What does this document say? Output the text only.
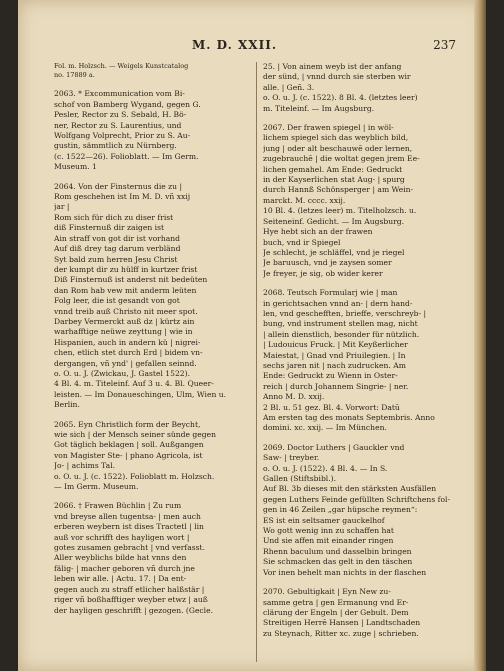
M. D. XXII.	237
Fol. m. Holzsch. — Weigels Kunstcatalog
no. 17889 a.
2063. * Excommunication vom Bi-
schof von Bamberg Wygand, gegen G.
Pesler, Rector zu S. Sebald, H. Bö-
ner, Rector zu S. Laurentius, und
Wolfgang Volprecht, Prior zu S. Au-
gustin, sämmtlich zu Nürnberg.
(c. 1522—26). Folioblatt. — Im Germ.
Museum. 1
2064. Von der Finsternus die zu |
Rom geschehen ist Im M. D. vñ xxij
jar |
Rom sich für dich zu diser frist
diß Finsternuß dir zaigen ist
Ain straff von got dir ist vorhand
Auf diß drey tag darum verbländ
Syt bald zum herren Jesu Christ
der kumpt dir zu hülff in kurtzer frist
Diß Finsternuß ist anderst nit bedeüten
dan Rom hab vew mit anderm leüten
Folg leer, die ist gesandt von got
vnnd treib auß Christo nit meer spot.
Darbey Vermerckt auß dz | kürtz ain
warhafftige neüwe zeyttung | wie in
Hispanien, auch in andern kü | nigrei-
chen, etlich stet durch Erd | bidem vn-
dergangen, vñ ynd' | gefallen seinnd.
o. O. u. J. (Zwickau, J. Gastel 1522).
4 Bl. 4. m. Titeleinf. Auf 3 u. 4. Bl. Queer-
leisten. — Im Donaueschingen, Ulm, Wien u.
Berlin.
2065. Eyn Christlich form der Beycht,
wie sich | der Mensch seiner sünde gegen
Got täglich beklagen | soll. Außgangen
von Magister Ste- | phano Agricola, ist
Jo- | achims Tal.
o. O. u. J. (c. 1522). Folioblatt m. Holzsch.
— Im Germ. Museum.
2066. † Frawen Büchlin | Zu rum
vnd breyse allen tugentsa- | men auch
erberen weybern ist dises Tractetl | lin
auß vor schrifft des hayligen wort |
gotes zusamen gebracht | vnd verfasst.
Aller weyblichs bilde hat vnns den
fälig- | macher geboren vñ durch jne
leben wir alle. | Actu. 17. | Da ent-
gegen auch zu straff etlicher halßstär |
riger vñ boßhafftiger weyber etwz | auß
der hayligen geschrifft | gezogen. (Gecle.
25. | Von ainem weyb ist der anfang
der sünd, | vnnd durch sie sterben wir
alle. | Geñ. 3.
o. O. u. J. (c. 1522). 8 Bl. 4. (letztes leer)
m. Titeleinf. — Im Augsburg.
2067. Der frawen spiegel | in wöl-
lichem spiegel sich das weyblich bild,
jung | oder alt beschauwē oder lernen,
zugebrauchē | die woltat gegen jrem Ee-
lichen gemahel. Am Ende: Gedruckt
in der Kayserlichen stat Aug- | spurg
durch Hannß Schönsperger | am Wein-
marckt. M. cccc. xxij.
10 Bl. 4. (letzes leer) m. Titelholzsch. u.
Seiteneinf. Gedicht. — Im Augsburg.
Hye hebt sich an der frawen
buch, vnd ir Spiegel
Je schlecht, je schläffel, vnd je riegel
Je baruusch, vnd je zaysen somer
Je freyer, je sig, ob wider kerer
2068. Teutsch Formularj wie | man
in gerichtsachen vnnd an- | dern hand-
len, vnd geschefften, brieffe, verschreyb- |
bung, vnd instrument stellen mag, nicht
| allein dienstlich, besonder für nützlich.
| Ludouicus Fruck. | Mit Keyßerlicher
Maiestat, | Gnad vnd Priuilegien. | In
sechs jaren nit | nach zudrucken. Am
Ende: Gedruckt zu Wienn in Oster-
reich | durch Johannem Singrie- | ner.
Anno M. D. xxij.
2 Bl. u. 51 gez. Bl. 4. Vorwort: Datū
Am ersten tag des monats Septembris. Anno
domini. xc. xxij. — Im München.
2069. Doctor Luthers | Gauckler vnd
Saw- | treyber.
o. O. u. J. (1522). 4 Bl. 4. — In S.
Gallen (Stiftsbibl.).
Auf Bl. 3b dieses mit den stärksten Ausfällen
gegen Luthers Feinde gefüllten Schriftchens fol-
gen in 46 Zeilen „gar hüpsche reymen“:
ES ist ein seltsamer gauckelhof
Wo gott wenig inn zu schaffen hat
Und sie affen mit einander ringen
Rhenn baculum und dasselbin bringen
Sie schmacken das gelt in den täschen
Vor inen behelt man nichts in der flaschen
2070. Gebultigkait | Eyn New zu-
samme getra | gen Ermanung vnd Er-
clärung der Engeln | der Gebult. Dem
Streitigen Herrē Hansen | Landtschaden
zu Steynach, Ritter xc. zuge | schrieben.
